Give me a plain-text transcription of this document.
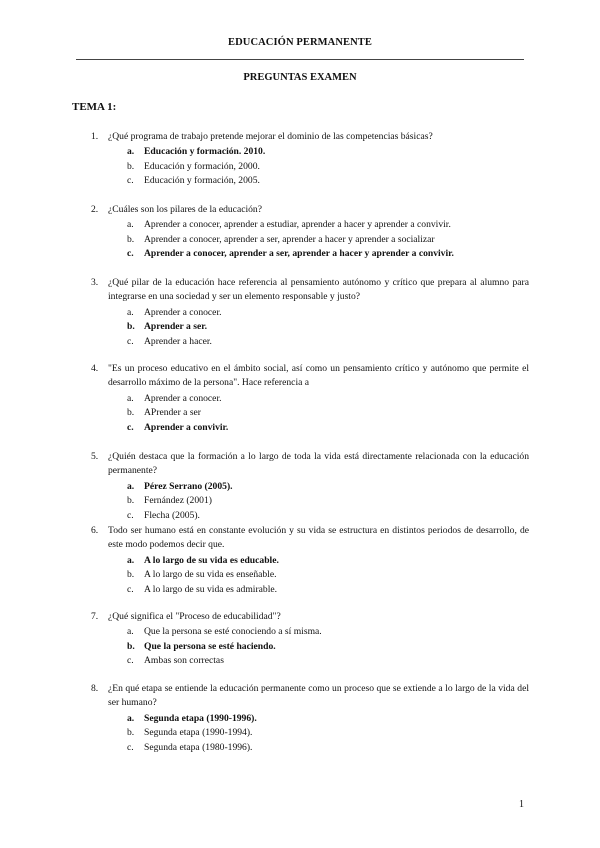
EDUCACIÓN PERMANENTE
PREGUNTAS EXAMEN
TEMA 1:
1.	¿Qué programa de trabajo pretende mejorar el dominio de las competencias básicas?
a. Educación y formación. 2010.
b. Educación y formación, 2000.
c. Educación y formación, 2005.
2.	¿Cuáles son los pilares de la educación?
a. Aprender a conocer, aprender a estudiar, aprender a hacer y aprender a convivir.
b. Aprender a conocer, aprender a ser, aprender a hacer y aprender a socializar
c. Aprender a conocer, aprender a ser, aprender a hacer y aprender a convivir.
3.	¿Qué pilar de la educación hace referencia al pensamiento autónomo y crítico que prepara al alumno para integrarse en una sociedad y ser un elemento responsable y justo?
a. Aprender a conocer.
b. Aprender a ser.
c. Aprender a hacer.
4.	"Es un proceso educativo en el ámbito social, así como un pensamiento crítico y autónomo que permite el desarrollo máximo de la persona". Hace referencia a
a. Aprender a conocer.
b. APrender a ser
c. Aprender a convivir.
5.	¿Quién destaca que la formación a lo largo de toda la vida está directamente relacionada con la educación permanente?
a. Pérez Serrano (2005).
b. Fernández (2001)
c. Flecha (2005).
6.	Todo ser humano está en constante evolución y su vida se estructura en distintos periodos de desarrollo, de este modo podemos decir que.
a. A lo largo de su vida es educable.
b. A lo largo de su vida es enseñable.
c. A lo largo de su vida es admirable.
7.	¿Qué significa el "Proceso de educabilidad"?
a. Que la persona se esté conociendo a sí misma.
b. Que la persona se esté haciendo.
c. Ambas son correctas
8.	¿En qué etapa se entiende la educación permanente como un proceso que se extiende a lo largo de la vida del ser humano?
a. Segunda etapa (1990-1996).
b. Segunda etapa (1990-1994).
c. Segunda etapa (1980-1996).
1
